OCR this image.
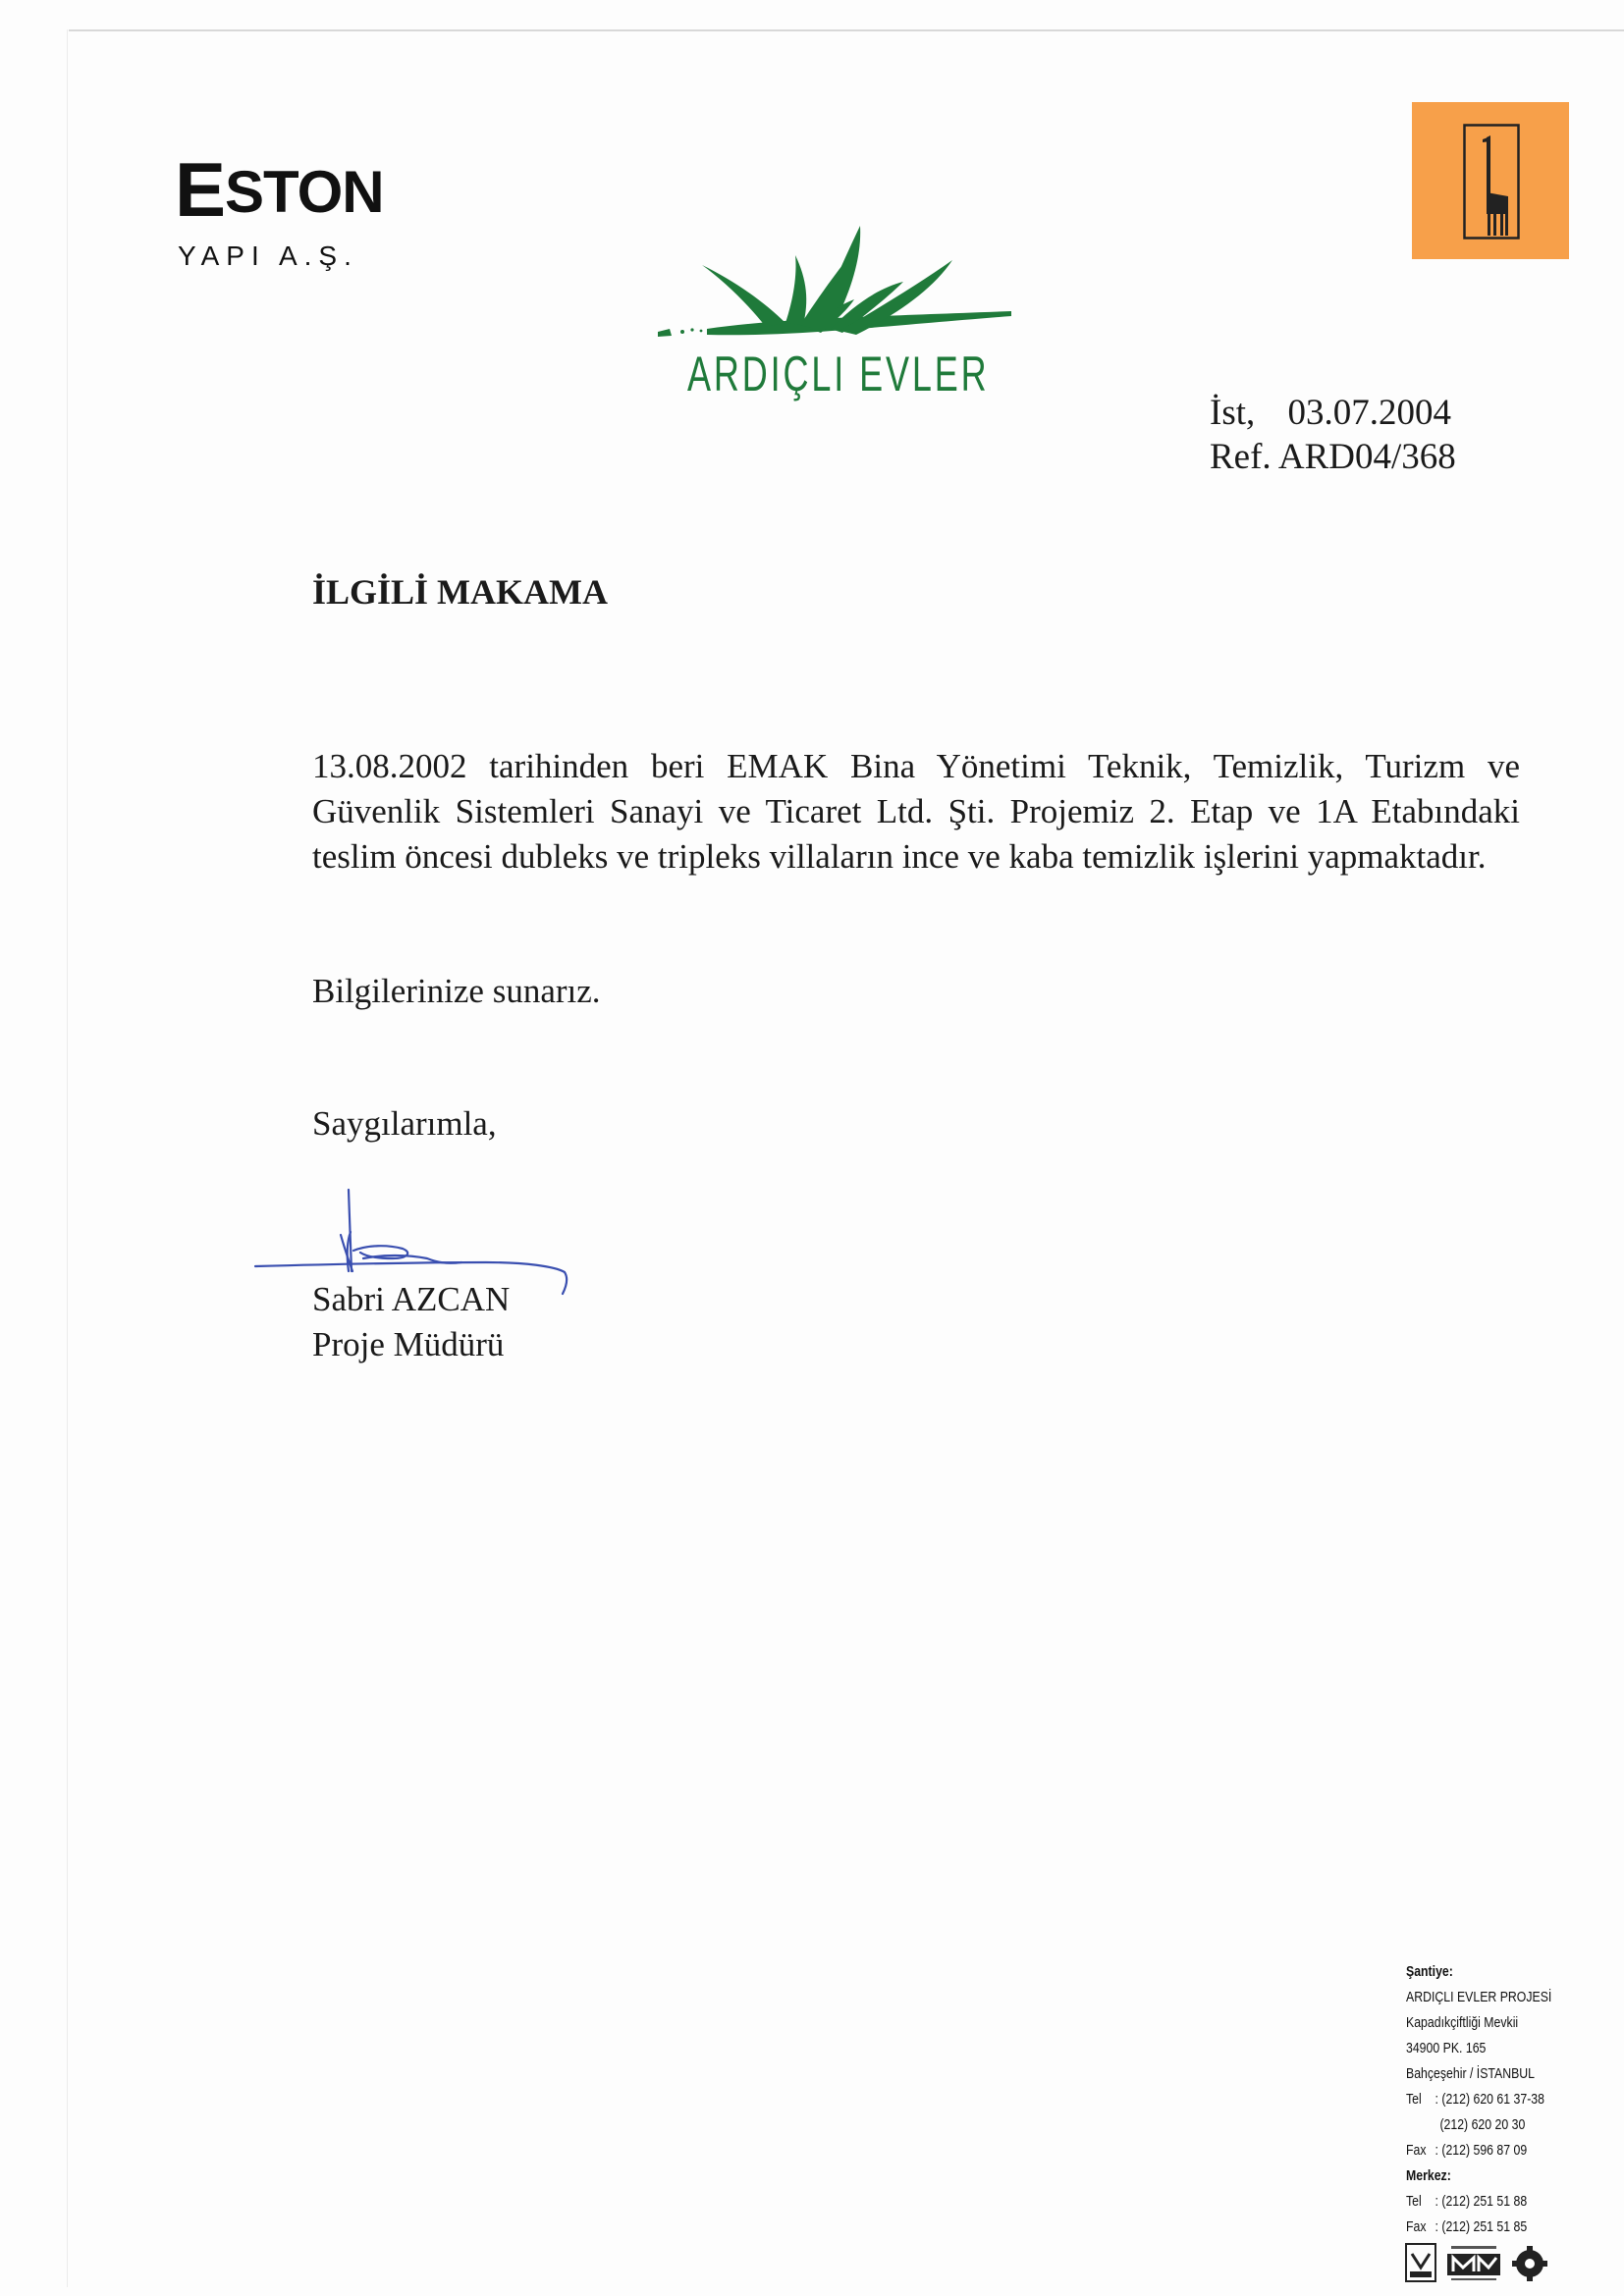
ESTON
YAPI A.Ş.
ARDIÇLI EVLER
İst, 03.07.2004
Ref. ARD04/368
İLGİLİ MAKAMA
13.08.2002 tarihinden beri EMAK Bina Yönetimi Teknik, Temizlik, Turizm ve Güvenlik Sistemleri Sanayi ve Ticaret Ltd. Şti. Projemiz 2. Etap ve 1A Etabındaki teslim öncesi dubleks ve tripleks villaların ince ve kaba temizlik işlerini yapmaktadır.
Bilgilerinize sunarız.
Saygılarımla,
Sabri AZCAN
Proje Müdürü
Şantiye:
ARDIÇLI EVLER PROJESİ
Kapadıkçiftliği Mevkii
34900 PK. 165
Bahçeşehir / İSTANBUL
Tel : (212) 620 61 37-38
(212) 620 20 30
Fax : (212) 596 87 09
Merkez:
Tel : (212) 251 51 88
Fax : (212) 251 51 85
